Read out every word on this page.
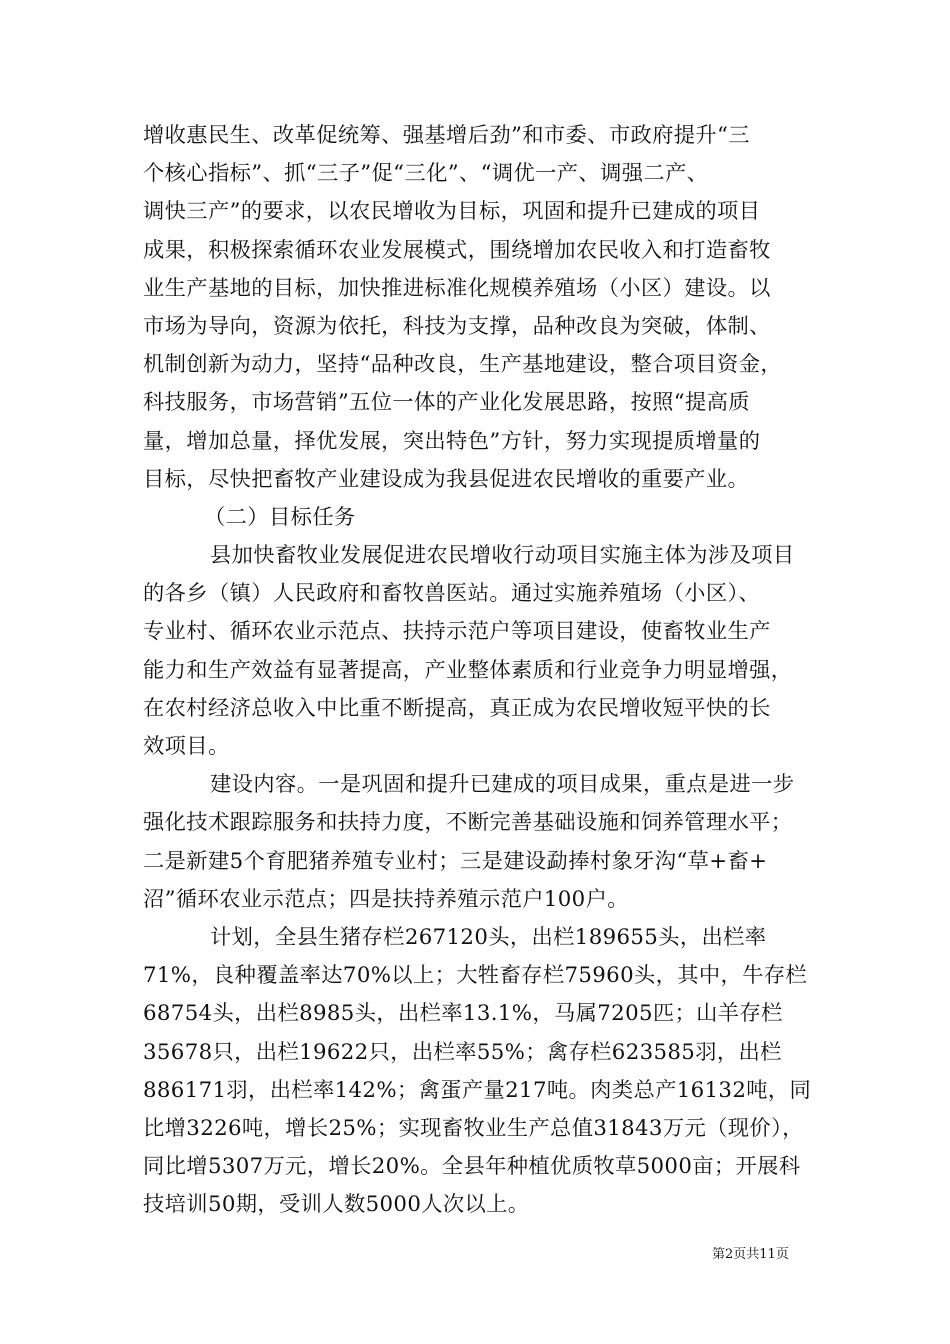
增收惠民生、改革促统筹、强基增后劲”和市委、市政府提升“三
个核心指标”、抓“三子”促“三化”、“调优一产、调强二产、
调快三产”的要求，以农民增收为目标，巩固和提升已建成的项目
成果，积极探索循环农业发展模式，围绕增加农民收入和打造畜牧
业生产基地的目标，加快推进标准化规模养殖场（小区）建设。以
市场为导向，资源为依托，科技为支撑，品种改良为突破，体制、
机制创新为动力，坚持“品种改良，生产基地建设，整合项目资金，
科技服务，市场营销”五位一体的产业化发展思路，按照“提高质
量，增加总量，择优发展，突出特色”方针，努力实现提质增量的
目标，尽快把畜牧产业建设成为我县促进农民增收的重要产业。
（二）目标任务
县加快畜牧业发展促进农民增收行动项目实施主体为涉及项目
的各乡（镇）人民政府和畜牧兽医站。通过实施养殖场（小区）、
专业村、循环农业示范点、扶持示范户等项目建设，使畜牧业生产
能力和生产效益有显著提高，产业整体素质和行业竞争力明显增强，
在农村经济总收入中比重不断提高，真正成为农民增收短平快的长
效项目。
建设内容。一是巩固和提升已建成的项目成果，重点是进一步
强化技术跟踪服务和扶持力度，不断完善基础设施和饲养管理水平；
二是新建5个育肥猪养殖专业村；三是建设勐捧村象牙沟“草+畜+
沼”循环农业示范点；四是扶持养殖示范户100户。
计划，全县生猪存栏267120头，出栏189655头，出栏率
71%，良种覆盖率达70%以上；大牲畜存栏75960头，其中，牛存栏
68754头，出栏8985头，出栏率13.1%，马属7205匹；山羊存栏
35678只，出栏19622只，出栏率55%；禽存栏623585羽，出栏
886171羽，出栏率142%；禽蛋产量217吨。肉类总产16132吨，同
比增3226吨，增长25%；实现畜牧业生产总值31843万元（现价），
同比增5307万元，增长20%。全县年种植优质牧草5000亩；开展科
技培训50期，受训人数5000人次以上。
第2页共11页
